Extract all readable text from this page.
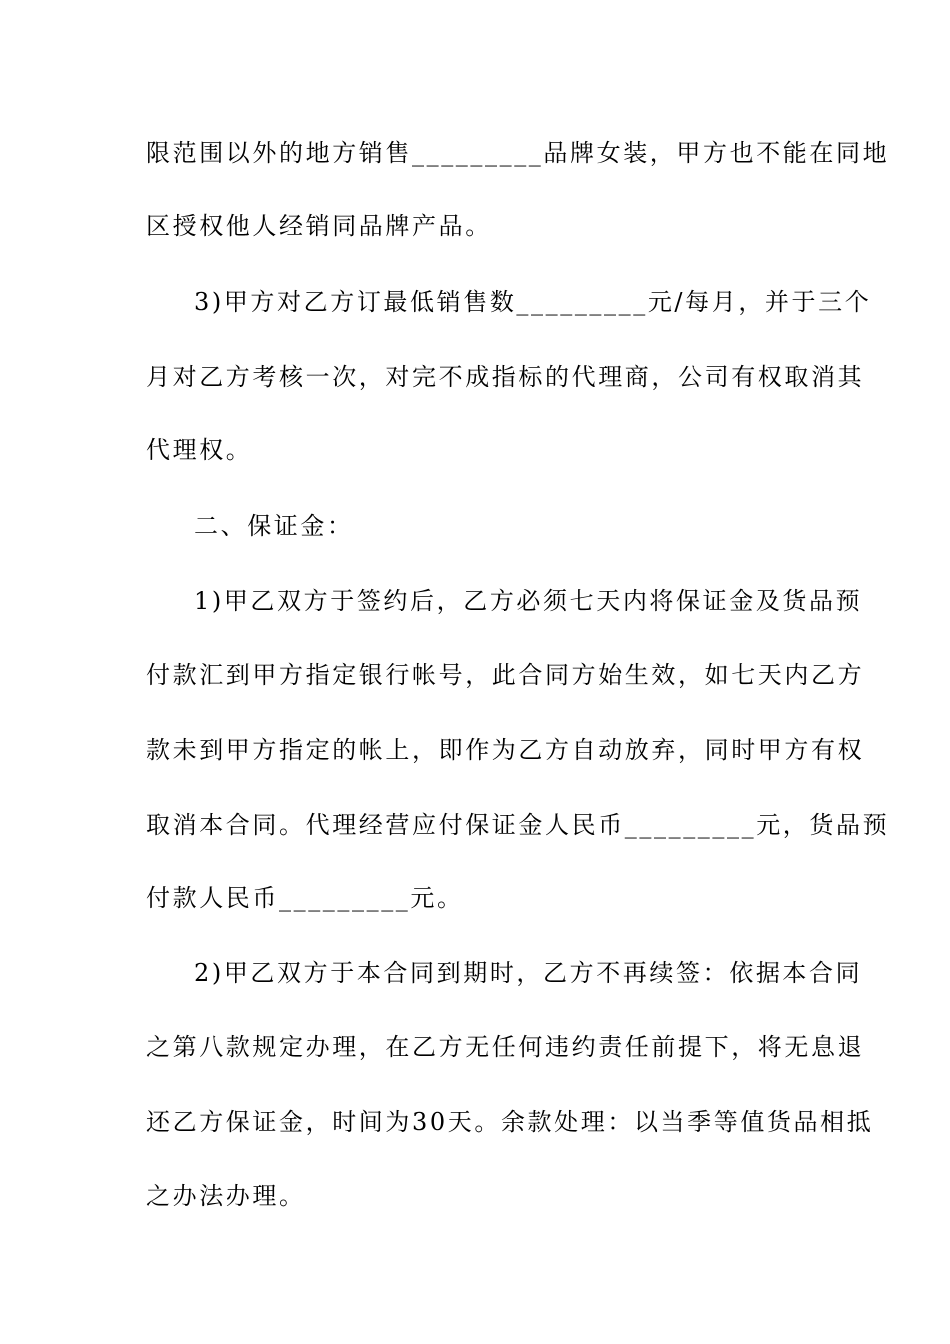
限范围以外的地方销售_________品牌女装，甲方也不能在同地
区授权他人经销同品牌产品。
3)甲方对乙方订最低销售数_________元/每月，并于三个
月对乙方考核一次，对完不成指标的代理商，公司有权取消其
代理权。
二、保证金：
1)甲乙双方于签约后，乙方必须七天内将保证金及货品预
付款汇到甲方指定银行帐号，此合同方始生效，如七天内乙方
款未到甲方指定的帐上，即作为乙方自动放弃，同时甲方有权
取消本合同。代理经营应付保证金人民币_________元，货品预
付款人民币_________元。
2)甲乙双方于本合同到期时，乙方不再续签：依据本合同
之第八款规定办理，在乙方无任何违约责任前提下，将无息退
还乙方保证金，时间为30天。余款处理：以当季等值货品相抵
之办法办理。
